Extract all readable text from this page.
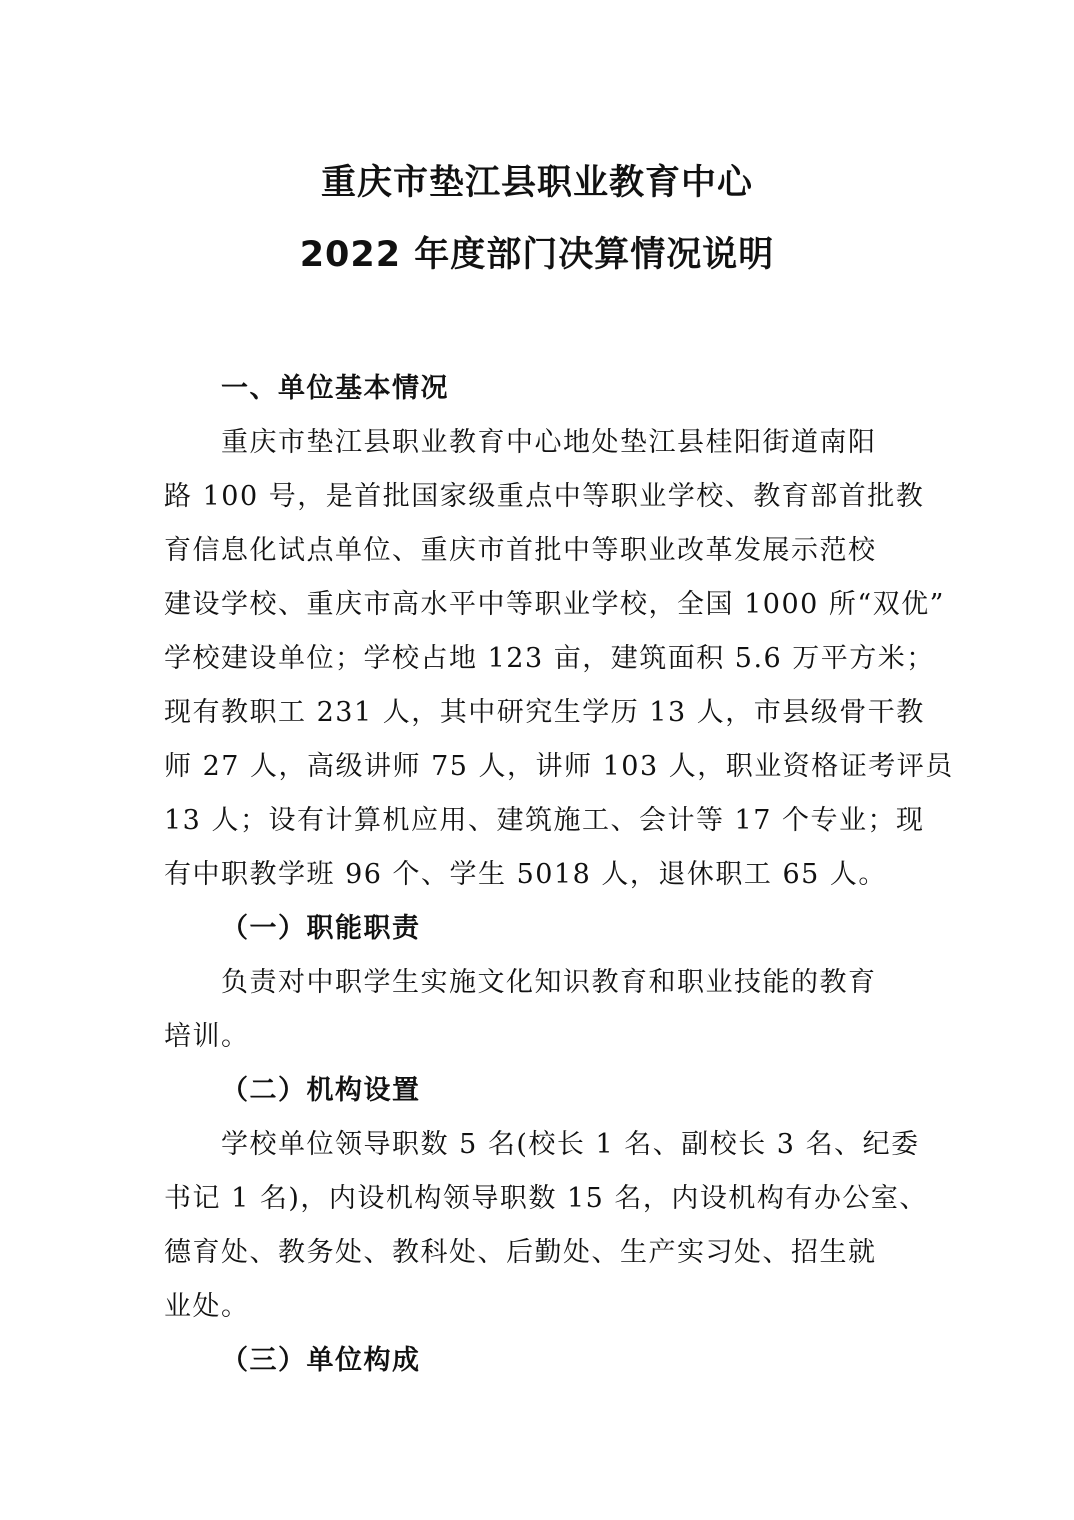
重庆市垫江县职业教育中心
2022 年度部门决算情况说明
一、单位基本情况
重庆市垫江县职业教育中心地处垫江县桂阳街道南阳
路 100 号，是首批国家级重点中等职业学校、教育部首批教
育信息化试点单位、重庆市首批中等职业改革发展示范校
建设学校、重庆市高水平中等职业学校，全国 1000 所“双优”
学校建设单位；学校占地 123 亩，建筑面积 5.6 万平方米；
现有教职工 231 人，其中研究生学历 13 人，市县级骨干教
师 27 人，高级讲师 75 人，讲师 103 人，职业资格证考评员
13 人；设有计算机应用、建筑施工、会计等 17 个专业；现
有中职教学班 96 个、学生 5018 人，退休职工 65 人。
（一）职能职责
负责对中职学生实施文化知识教育和职业技能的教育
培训。
（二）机构设置
学校单位领导职数 5 名(校长 1 名、副校长 3 名、纪委
书记 1 名)，内设机构领导职数 15 名，内设机构有办公室、
德育处、教务处、教科处、后勤处、生产实习处、招生就
业处。
（三）单位构成
